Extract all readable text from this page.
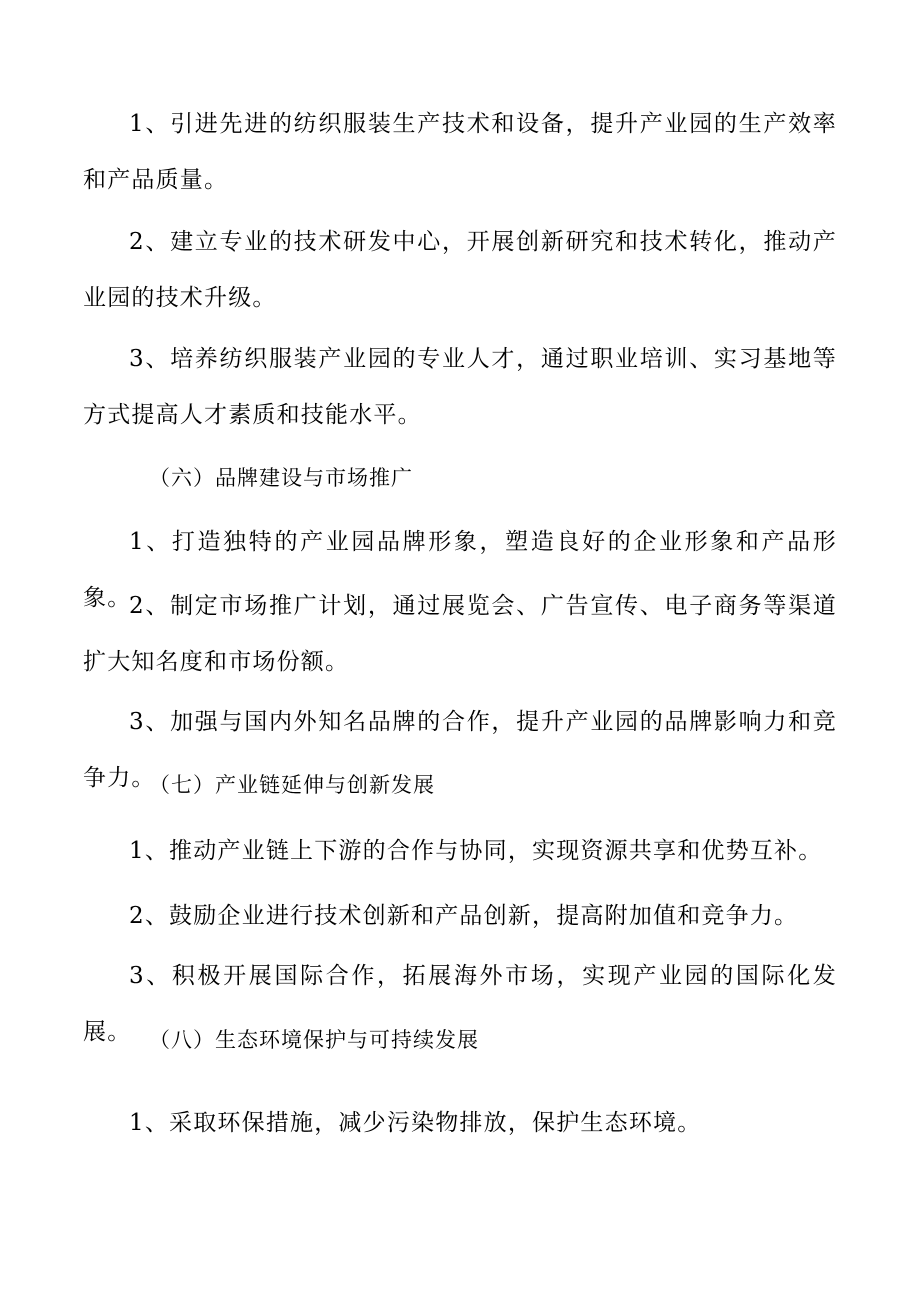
1、引进先进的纺织服装生产技术和设备，提升产业园的生产效率和产品质量。

2、建立专业的技术研发中心，开展创新研究和技术转化，推动产业园的技术升级。

3、培养纺织服装产业园的专业人才，通过职业培训、实习基地等方式提高人才素质和技能水平。

（六）品牌建设与市场推广

1、打造独特的产业园品牌形象，塑造良好的企业形象和产品形象。

2、制定市场推广计划，通过展览会、广告宣传、电子商务等渠道扩大知名度和市场份额。

3、加强与国内外知名品牌的合作，提升产业园的品牌影响力和竞争力。

（七）产业链延伸与创新发展

1、推动产业链上下游的合作与协同，实现资源共享和优势互补。

2、鼓励企业进行技术创新和产品创新，提高附加值和竞争力。

3、积极开展国际合作，拓展海外市场，实现产业园的国际化发展。 （八）生态环境保护与可持续发展

1、采取环保措施，减少污染物排放，保护生态环境。
